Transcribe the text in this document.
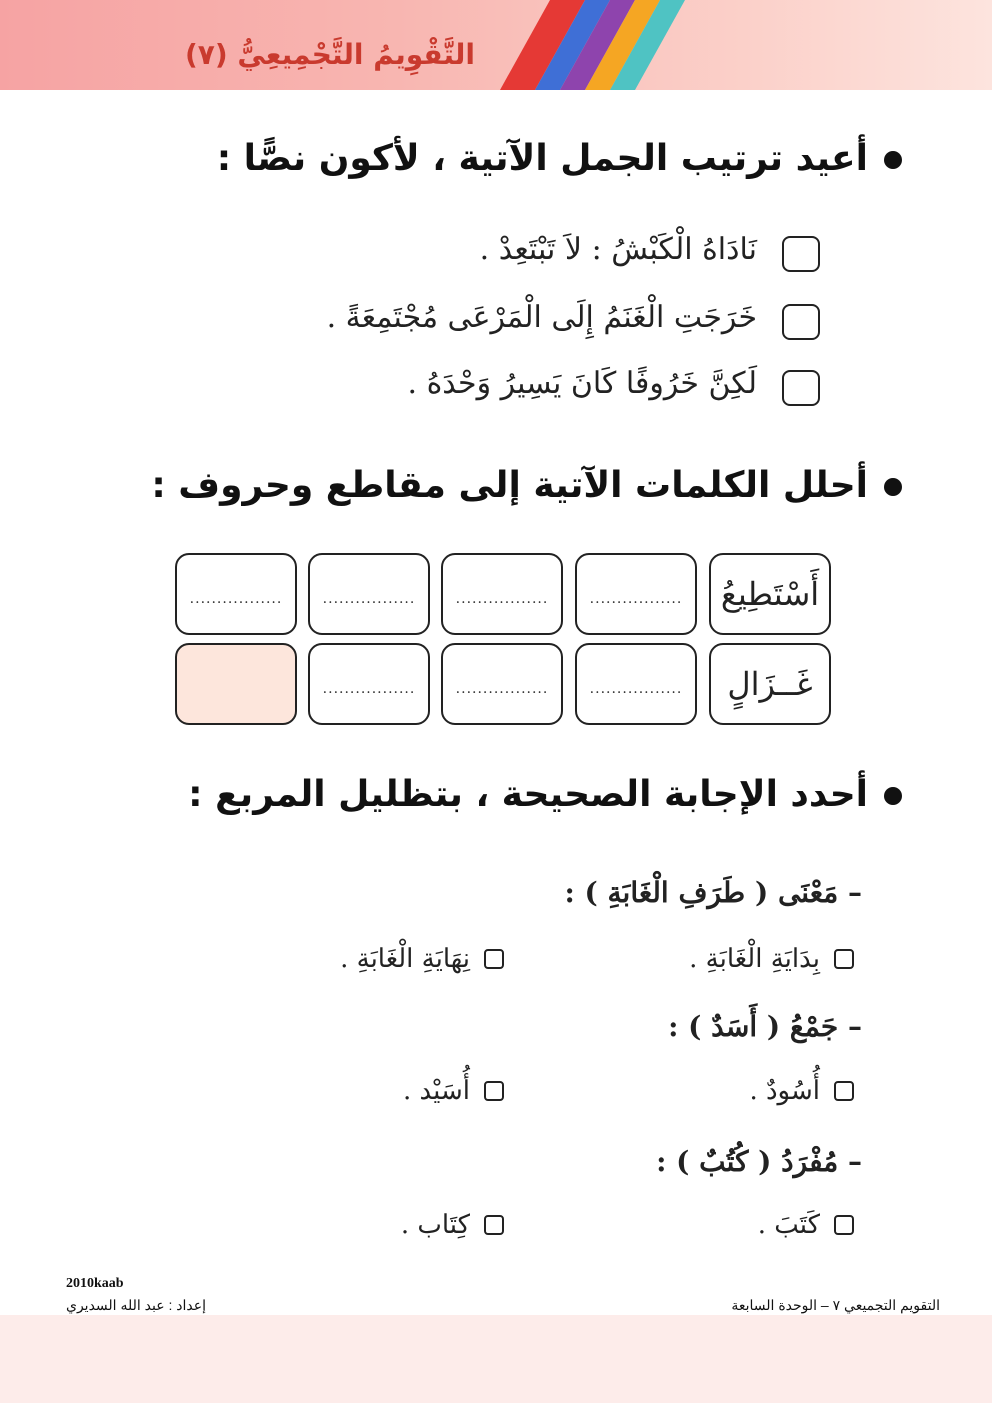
التَّقْوِيمُ التَّجْمِيعِيُّ (٧)
أعيد ترتيب الجمل الآتية ، لأكون نصًّا :
نَادَاهُ الْكَبْشُ : لاَ تَبْتَعِدْ .
خَرَجَتِ الْغَنَمُ إِلَى الْمَرْعَى مُجْتَمِعَةً .
لَكِنَّ خَرُوفًا كَانَ يَسِيرُ وَحْدَهُ .
أحلل الكلمات الآتية إلى مقاطع وحروف :
أَسْتَطِيعُ
.................
.................
.................
.................
غَــزَالٍ
.................
.................
.................
أحدد الإجابة الصحيحة ، بتظليل المربع :
– مَعْنَى ( طَرَفِ الْغَابَةِ ) :
بِدَايَةِ الْغَابَةِ .
نِهَايَةِ الْغَابَةِ .
– جَمْعُ ( أَسَدٌ ) :
أُسُودٌ .
أُسَيْد .
– مُفْرَدُ ( كُتُبٌ ) :
كَتَبَ .
كِتَاب .
2010kaab
إعداد : عبد الله السديري	التقويم التجميعي ٧ – الوحدة السابعة
